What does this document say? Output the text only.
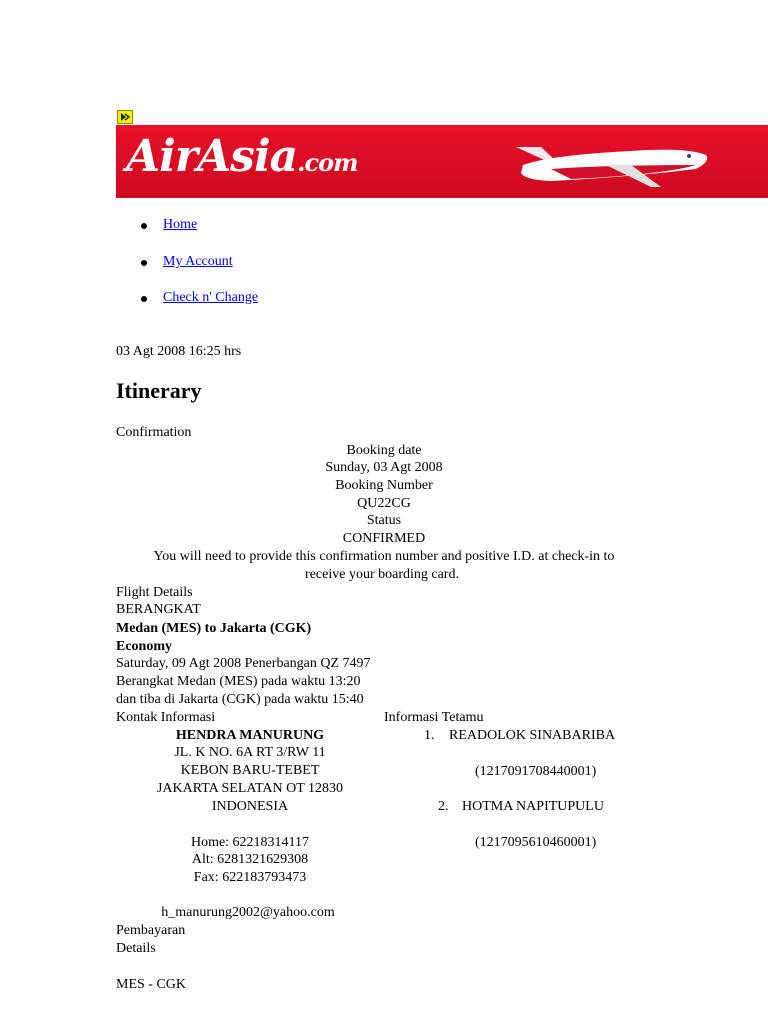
AirAsia.com
Home
My Account
Check n' Change
03 Agt 2008 16:25 hrs
Itinerary
Confirmation
Booking date
Sunday, 03 Agt 2008
Booking Number
QU22CG
Status
CONFIRMED
You will need to provide this confirmation number and positive I.D. at check-in to
receive your boarding card.
Flight Details
BERANGKAT
Medan (MES) to Jakarta (CGK)
Economy
Saturday, 09 Agt 2008 Penerbangan QZ 7497
Berangkat Medan (MES) pada waktu 13:20
dan tiba di Jakarta (CGK) pada waktu 15:40
Kontak Informasi
HENDRA MANURUNG
JL. K NO. 6A RT 3/RW 11
KEBON BARU-TEBET
JAKARTA SELATAN OT 12830
INDONESIA
Home: 62218314117
Alt: 6281321629308
Fax: 622183793473
h_manurung2002@yahoo.com
Informasi Tetamu
1. READOLOK SINABARIBA
(1217091708440001)
2. HOTMA NAPITUPULU
(1217095610460001)
Pembayaran
Details
MES - CGK
